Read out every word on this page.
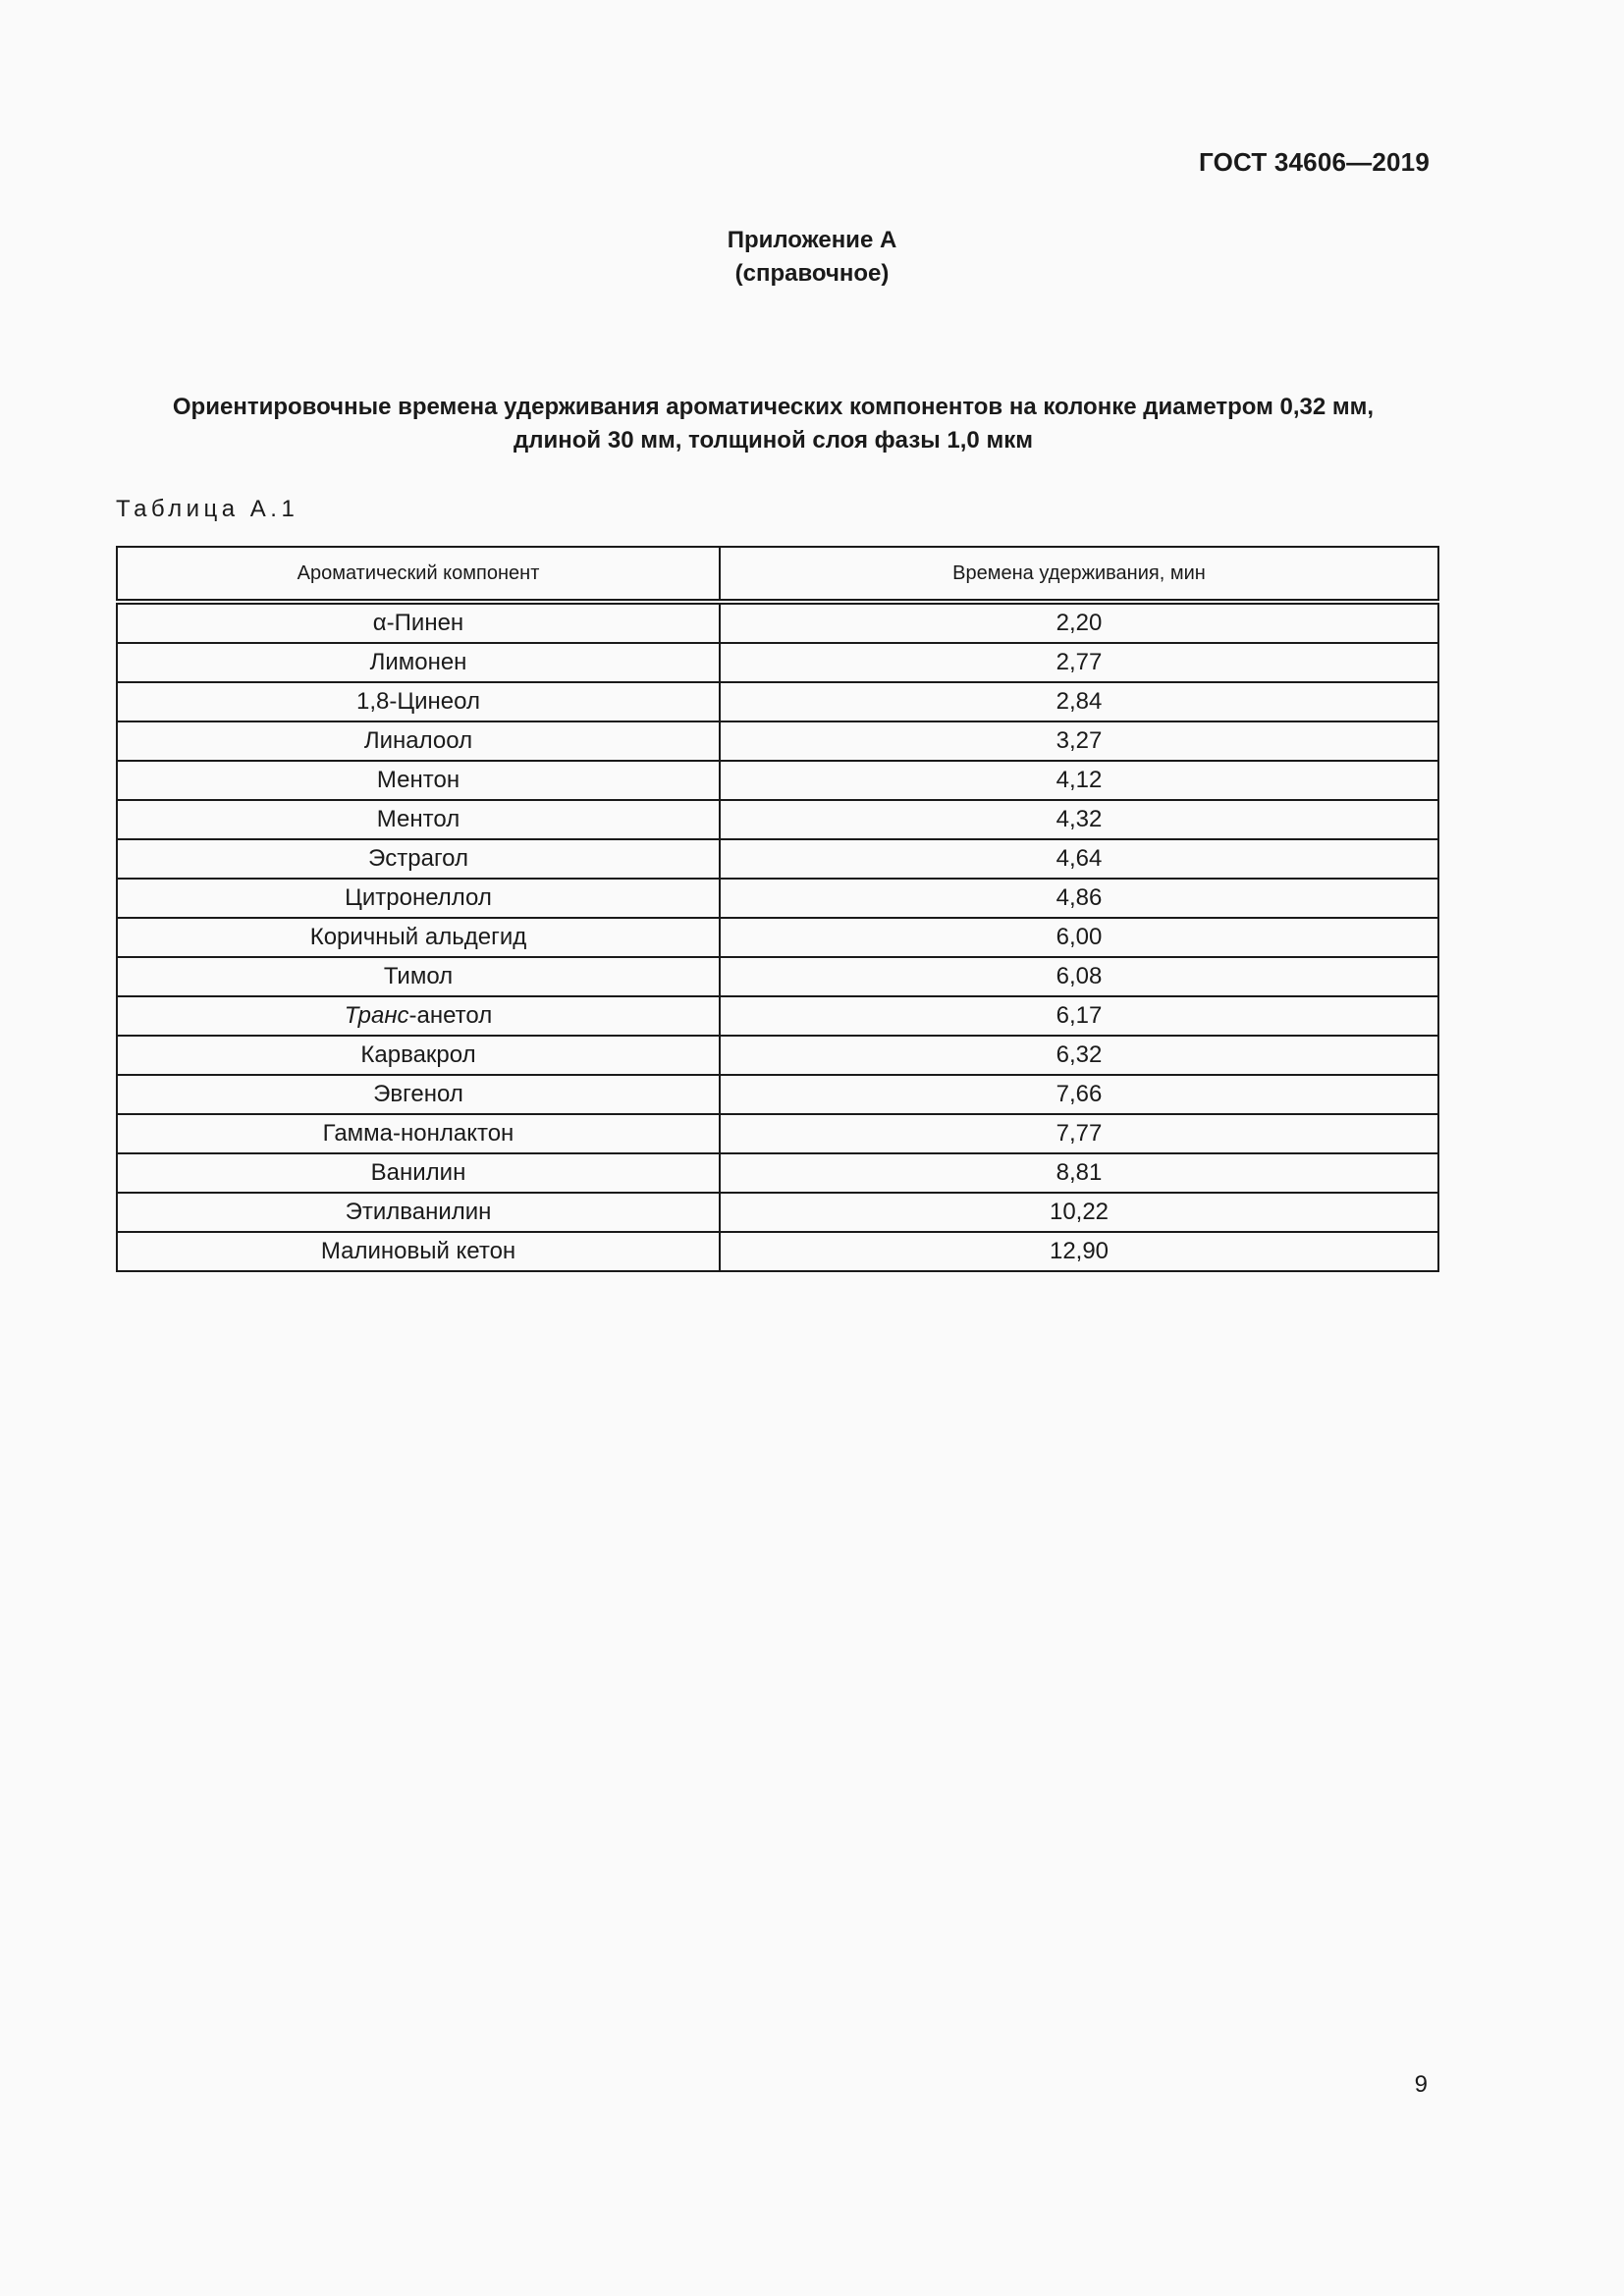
ГОСТ 34606—2019
Приложение А
(справочное)
Ориентировочные времена удерживания ароматических компонентов на колонке диаметром 0,32 мм,
длиной 30 мм, толщиной слоя фазы 1,0 мкм
Таблица А.1
Ароматический компонент	Времена удерживания, мин
α-Пинен	2,20
Лимонен	2,77
1,8-Цинеол	2,84
Линалоол	3,27
Ментон	4,12
Ментол	4,32
Эстрагол	4,64
Цитронеллол	4,86
Коричный альдегид	6,00
Тимол	6,08
Транс-анетол	6,17
Карвакрол	6,32
Эвгенол	7,66
Гамма-нонлактон	7,77
Ванилин	8,81
Этилванилин	10,22
Малиновый кетон	12,90
9
